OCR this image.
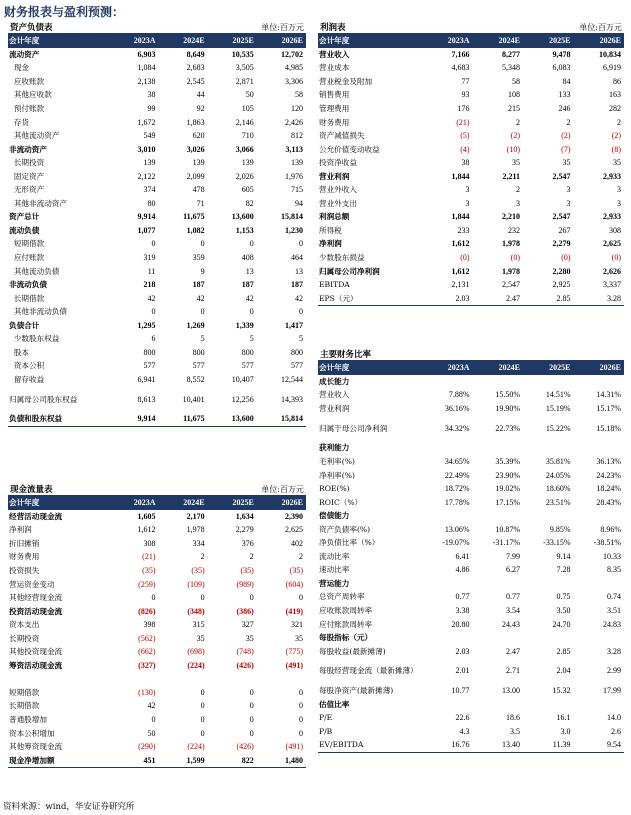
财务报表与盈利预测：
资产负债表	单位:百万元
会计年度	2023A	2024E	2025E	2026E
流动资产	6,903	8,649	10,535	12,702
现金	1,084	2,683	3,505	4,985
应收账款	2,138	2,545	2,871	3,306
其他应收款	38	44	50	58
预付账款	99	92	105	120
存货	1,672	1,863	2,146	2,426
其他流动资产	549	620	710	812
非流动资产	3,010	3,026	3,066	3,113
长期投资	139	139	139	139
固定资产	2,122	2,099	2,026	1,976
无形资产	374	478	605	715
其他非流动资产	80	71	82	94
资产总计	9,914	11,675	13,600	15,814
流动负债	1,077	1,082	1,153	1,230
短期借款	0	0	0	0
应付账款	319	359	408	464
其他流动负债	11	9	13	13
非流动负债	218	187	187	187
长期借款	42	42	42	42
其他非流动负债	0	0	0	0
负债合计	1,295	1,269	1,339	1,417
少数股东权益	6	5	5	5
股本	800	800	800	800
资本公积	577	577	577	577
留存收益	6,941	8,552	10,407	12,544
归属母公司股东权益	8,613	10,401	12,256	14,393
负债和股东权益	9,914	11,675	13,600	15,814
利润表	单位:百万元
会计年度	2023A	2024E	2025E	2026E
营业收入	7,166	8,277	9,478	10,834
营业成本	4,683	5,348	6,083	6,919
营业税金及附加	77	58	84	86
销售费用	93	108	133	163
管理费用	176	215	246	282
财务费用	(21)	2	2	2
资产减值损失	(5)	(2)	(2)	(2)
公允价值变动收益	(4)	(10)	(7)	(8)
投资净收益	38	35	35	35
营业利润	1,844	2,211	2,547	2,933
营业外收入	3	2	3	3
营业外支出	3	3	3	3
利润总额	1,844	2,210	2,547	2,933
所得税	233	232	267	308
净利润	1,612	1,978	2,279	2,625
少数股东损益	(0)	(0)	(0)	(0)
归属母公司净利润	1,612	1,978	2,280	2,626
EBITDA	2,131	2,547	2,925	3,337
EPS（元）	2.03	2.47	2.85	3.28
主要财务比率
会计年度	2023A	2024E	2025E	2026E
成长能力				
营业收入	7.88%	15.50%	14.51%	14.31%
营业利润	36.16%	19.90%	15.19%	15.17%
归属于母公司净利润	34.32%	22.73%	15.22%	15.18%
获利能力				
毛利率(%)	34.65%	35.39%	35.81%	36.13%
净利率(%)	22.49%	23.90%	24.05%	24.23%
ROE(%)	18.72%	19.02%	18.60%	18.24%
ROIC（%）	17.78%	17.15%	23.51%	28.43%
偿债能力				
资产负债率(%)	13.06%	10.87%	9.85%	8.96%
净负债比率（%）	-19.07%	-31.17%	-33.15%	-38.51%
流动比率	6.41	7.99	9.14	10.33
速动比率	4.86	6.27	7.28	8.35
营运能力				
总资产周转率	0.77	0.77	0.75	0.74
应收账款周转率	3.38	3.54	3.50	3.51
应付账款周转率	20.80	24.43	24.70	24.83
每股指标（元）				
每股收益(最新摊薄)	2.03	2.47	2.85	3.28
每股经营现金流（最新摊薄）	2.01	2.71	2.04	2.99
每股净资产(最新摊薄)	10.77	13.00	15.32	17.99
估值比率				
P/E	22.6	18.6	16.1	14.0
P/B	4.3	3.5	3.0	2.6
EV/EBITDA	16.76	13.40	11.39	9.54
现金流量表	单位:百万元
会计年度	2023A	2024E	2025E	2026E
经营活动现金流	1,605	2,170	1,634	2,390
净利润	1,612	1,978	2,279	2,625
折旧摊销	308	334	376	402
财务费用	(21)	2	2	2
投资损失	(35)	(35)	(35)	(35)
营运资金变动	(259)	(109)	(989)	(604)
其他经营现金流	0	0	0	0
投资活动现金流	(826)	(348)	(386)	(419)
资本支出	398	315	327	321
长期投资	(562)	35	35	35
其他投资现金流	(662)	(698)	(748)	(775)
筹资活动现金流	(327)	(224)	(426)	(491)

短期借款	(130)	0	0	0
长期借款	42	0	0	0
普通股增加	0	0	0	0
资本公积增加	50	0	0	0
其他筹资现金流	(290)	(224)	(426)	(491)
现金净增加额	451	1,599	822	1,480
资料来源：wind，华安证券研究所
